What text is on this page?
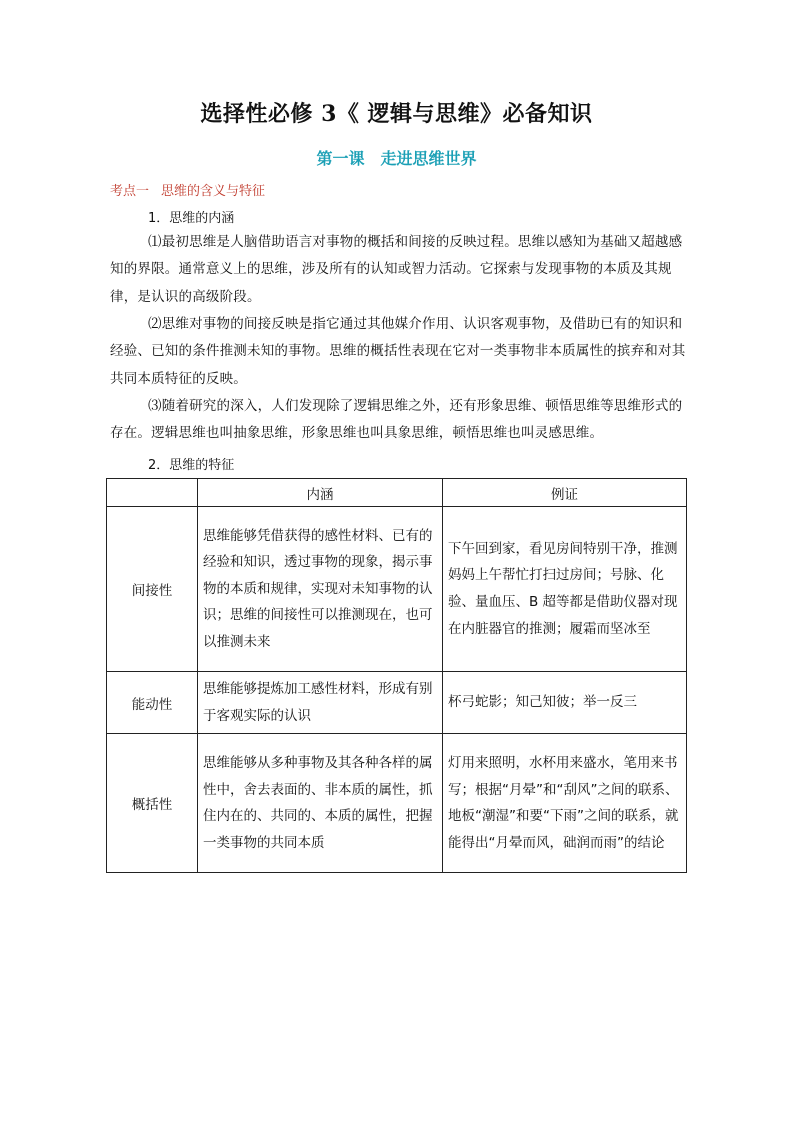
选择性必修 3《 逻辑与思维》必备知识
第一课 走进思维世界
考点一 思维的含义与特征
1．思维的内涵
⑴最初思维是人脑借助语言对事物的概括和间接的反映过程。思维以感知为基础又超越感知的界限。通常意义上的思维，涉及所有的认知或智力活动。它探索与发现事物的本质及其规律，是认识的高级阶段。
⑵思维对事物的间接反映是指它通过其他媒介作用、认识客观事物，及借助已有的知识和经验、已知的条件推测未知的事物。思维的概括性表现在它对一类事物非本质属性的摈弃和对其共同本质特征的反映。
⑶随着研究的深入，人们发现除了逻辑思维之外，还有形象思维、顿悟思维等思维形式的存在。逻辑思维也叫抽象思维，形象思维也叫具象思维，顿悟思维也叫灵感思维。
2．思维的特征
	内涵	例证
间接性	思维能够凭借获得的感性材料、已有的经验和知识，透过事物的现象，揭示事物的本质和规律，实现对未知事物的认识；思维的间接性可以推测现在，也可以推测未来	下午回到家，看见房间特别干净，推测妈妈上午帮忙打扫过房间；号脉、化验、量血压、B 超等都是借助仪器对现在内脏器官的推测；履霜而坚冰至
能动性	思维能够提炼加工感性材料，形成有别于客观实际的认识	杯弓蛇影；知己知彼；举一反三
概括性	思维能够从多种事物及其各种各样的属性中，舍去表面的、非本质的属性，抓住内在的、共同的、本质的属性，把握一类事物的共同本质	灯用来照明，水杯用来盛水，笔用来书写；根据“月晕”和“刮风”之间的联系、地板“潮湿”和要“下雨”之间的联系，就能得出“月晕而风，础润而雨”的结论
